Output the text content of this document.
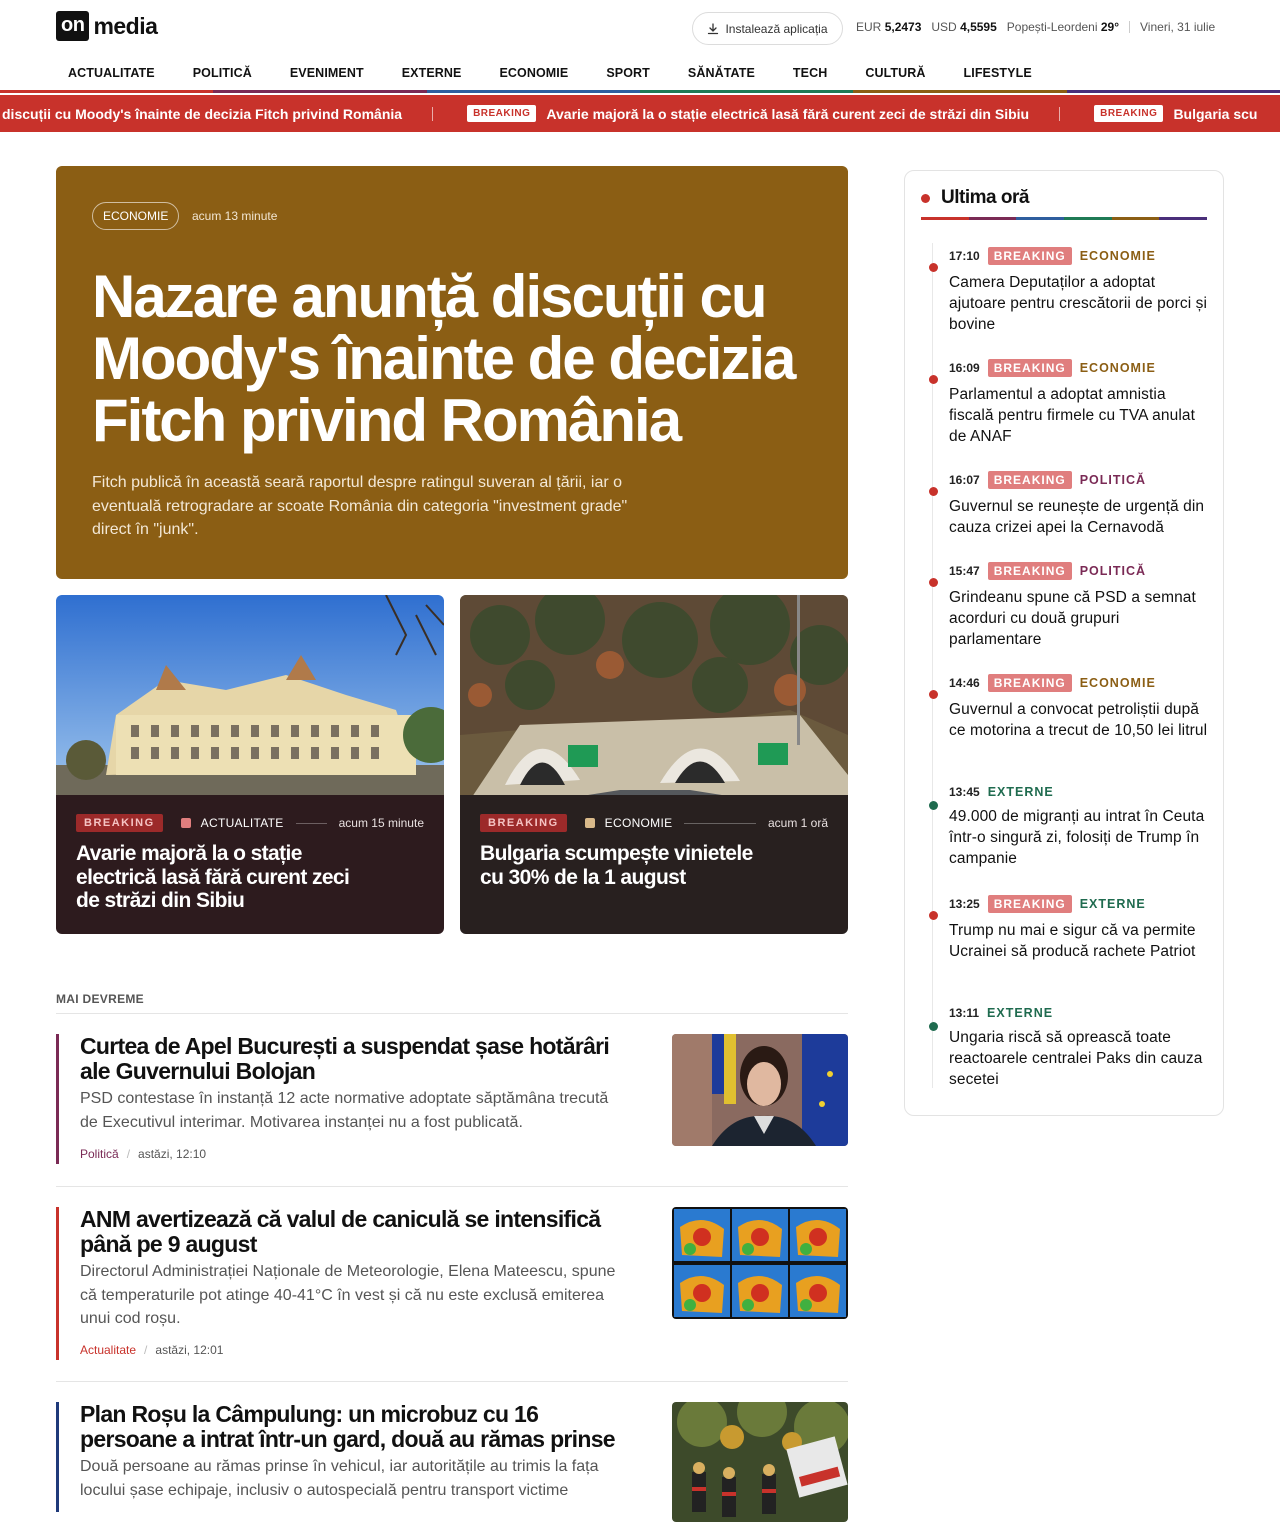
on media	Instalează aplicația EUR
5,2473 USD
4,5595 Popești-Leordeni
29° Vineri, 31 iulie
ACTUALITATE	POLITICĂ	EVENIMENT	EXTERNE	ECONOMIE	SPORT	SĂNĂTATE	TECH	CULTURĂ	LIFESTYLE
discuții cu Moody's înainte de decizia Fitch privind România	BREAKING	Avarie majoră la o stație electrică lasă fără curent zeci de străzi din Sibiu	BREAKING	Bulgaria scu
ECONOMIE	acum 13 minute
Nazare anunță discuții cu Moody's înainte de decizia Fitch privind România

Fitch publică în această seară raportul despre ratingul suveran al țării, iar o eventuală retrogradare ar scoate România din categoria "investment grade" direct în "junk".

BREAKING	ACTUALITATE	acum 15 minute
Avarie majoră la o stație electrică lasă fără curent zeci de străzi din Sibiu
BREAKING	ECONOMIE	acum 1 oră
Bulgaria scumpește vinietele cu 30% de la 1 august
MAI DEVREME
Curtea de Apel București a suspendat șase hotărâri ale Guvernului Bolojan

PSD contestase în instanță 12 acte normative adoptate săptămâna trecută de Executivul interimar. Motivarea instanței nu a fost publicată.

Politică / astăzi, 12:10
ANM avertizează că valul de caniculă se intensifică până pe 9 august

Directorul Administrației Naționale de Meteorologie, Elena Mateescu, spune că temperaturile pot atinge 40-41°C în vest și că nu este exclusă emiterea unui cod roșu.

Actualitate / astăzi, 12:01
Plan Roșu la Câmpulung: un microbuz cu 16 persoane a intrat într-un gard, două au rămas prinse

Două persoane au rămas prinse în vehicul, iar autoritățile au trimis la fața locului șase echipaje, inclusiv o autospecială pentru transport victime

Ultima oră
17:10	BREAKING	ECONOMIE
Camera Deputaților a adoptat ajutoare pentru crescătorii de porci și bovine
16:09	BREAKING	ECONOMIE
Parlamentul a adoptat amnistia fiscală pentru firmele cu TVA anulat de ANAF
16:07	BREAKING	POLITICĂ
Guvernul se reunește de urgență din cauza crizei apei la Cernavodă
15:47	BREAKING	POLITICĂ
Grindeanu spune că PSD a semnat acorduri cu două grupuri parlamentare
14:46	BREAKING	ECONOMIE
Guvernul a convocat petroliștii după ce motorina a trecut de 10,50 lei litrul
13:45 EXTERNE
49.000 de migranți au intrat în Ceuta într-o singură zi, folosiți de Trump în campanie
13:25	BREAKING	EXTERNE
Trump nu mai e sigur că va permite Ucrainei să producă rachete Patriot
13:11 EXTERNE
Ungaria riscă să oprească toate reactoarele centralei Paks din cauza secetei
